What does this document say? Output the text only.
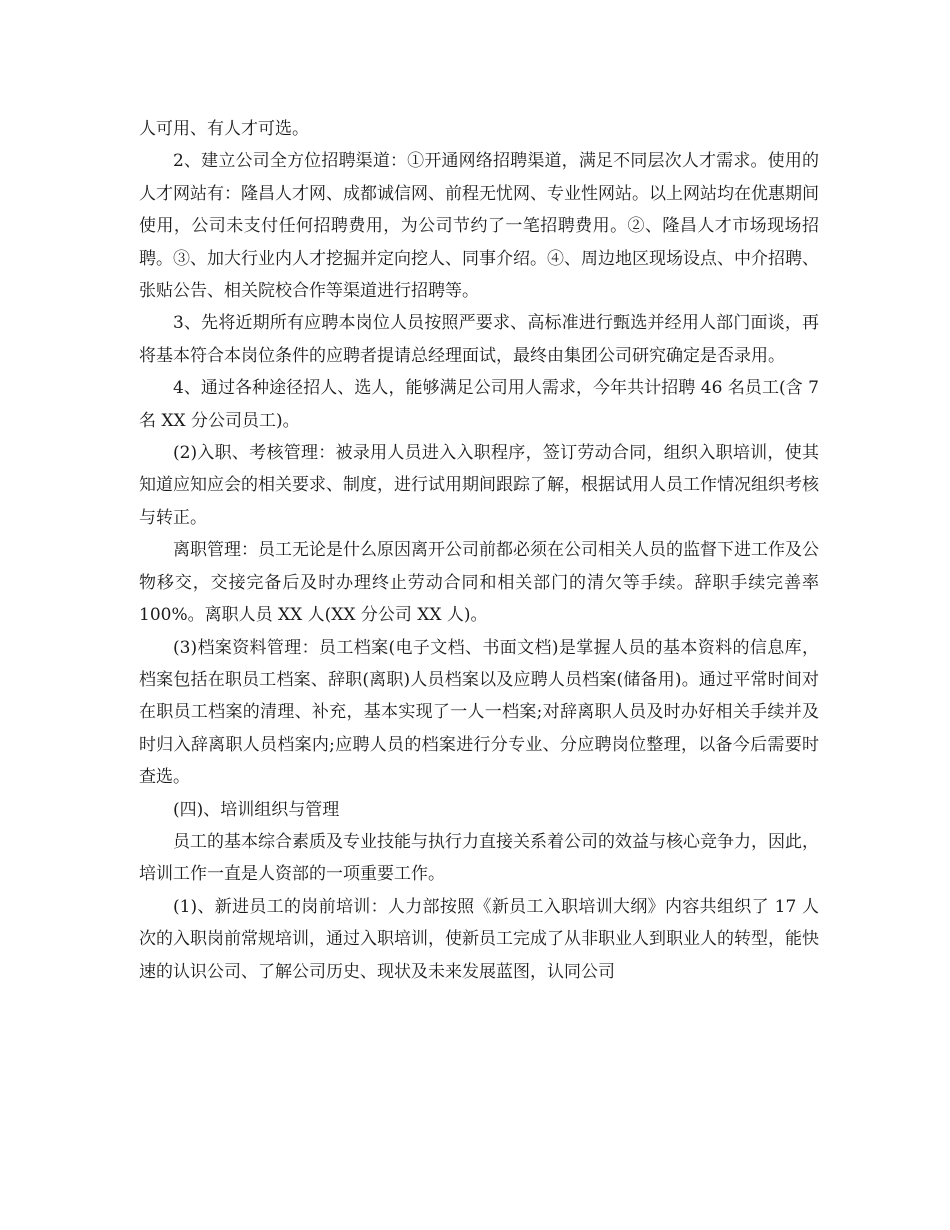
人可用、有人才可选。

2、建立公司全方位招聘渠道：①开通网络招聘渠道，满足不同层次人才需求。使用的人才网站有：隆昌人才网、成都诚信网、前程无忧网、专业性网站。以上网站均在优惠期间使用，公司未支付任何招聘费用，为公司节约了一笔招聘费用。②、隆昌人才市场现场招聘。③、加大行业内人才挖掘并定向挖人、同事介绍。④、周边地区现场设点、中介招聘、张贴公告、相关院校合作等渠道进行招聘等。

3、先将近期所有应聘本岗位人员按照严要求、高标准进行甄选并经用人部门面谈，再将基本符合本岗位条件的应聘者提请总经理面试，最终由集团公司研究确定是否录用。

4、通过各种途径招人、选人，能够满足公司用人需求，今年共计招聘 46 名员工(含 7 名 XX 分公司员工)。

(2)入职、考核管理：被录用人员进入入职程序，签订劳动合同，组织入职培训，使其知道应知应会的相关要求、制度，进行试用期间跟踪了解，根据试用人员工作情况组织考核与转正。

离职管理：员工无论是什么原因离开公司前都必须在公司相关人员的监督下进工作及公物移交，交接完备后及时办理终止劳动合同和相关部门的清欠等手续。辞职手续完善率 100%。离职人员 XX 人(XX 分公司 XX 人)。

(3)档案资料管理：员工档案(电子文档、书面文档)是掌握人员的基本资料的信息库，档案包括在职员工档案、辞职(离职)人员档案以及应聘人员档案(储备用)。通过平常时间对在职员工档案的清理、补充，基本实现了一人一档案;对辞离职人员及时办好相关手续并及时归入辞离职人员档案内;应聘人员的档案进行分专业、分应聘岗位整理，以备今后需要时查选。

(四)、培训组织与管理

员工的基本综合素质及专业技能与执行力直接关系着公司的效益与核心竞争力，因此，培训工作一直是人资部的一项重要工作。

(1)、新进员工的岗前培训：人力部按照《新员工入职培训大纲》内容共组织了 17 人次的入职岗前常规培训，通过入职培训，使新员工完成了从非职业人到职业人的转型，能快速的认识公司、了解公司历史、现状及未来发展蓝图，认同公司
